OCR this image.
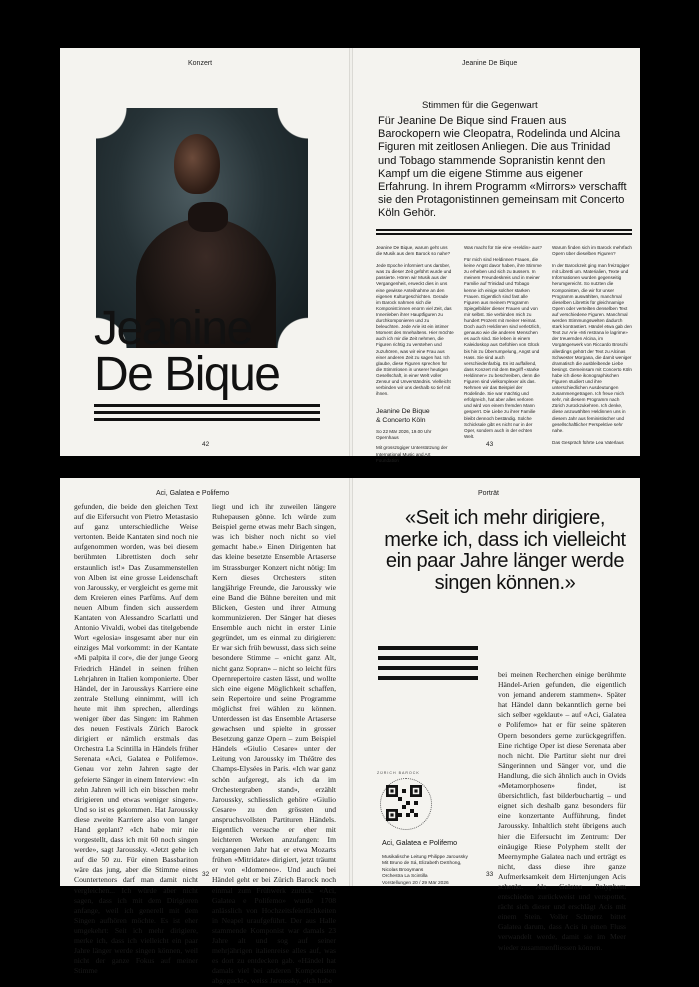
Konzert
Jeanine
De Bique
42
Jeanine De Bique
Stimmen für die Gegenwart
Für Jeanine De Bique sind Frauen aus Barockopern wie Cleopatra, Rodelinda und Alcina Figuren mit zeitlosen Anliegen. Die aus Trinidad und Tobago stammende Sopranistin kennt den Kampf um die eigene Stimme aus eigener Erfahrung. In ihrem Programm «Mirrors» verschafft sie den Protagonistinnen gemeinsam mit Concerto Köln Gehör.
Jeanine De Bique, warum geht uns die Musik aus dem Barock so nahe?
Jede Epoche informiert uns darüber, was zu dieser Zeit geführt wurde und passierte. Hören wir Musik aus der Vergangenheit, erweckt dies in uns eine gewisse Anteilnahme an den eigenen Kulturgeschichten. Gerade im Barock nahmen sich die Komponist:innen enorm viel Zeit, das Innenleben ihrer Hauptfiguren zu durchkomponieren und zu beleuchten. Jede Arie ist ein intimer Moment des Innehaltens. Hier möchte auch ich mir die Zeit nehmen, die Figuren richtig zu verstehen und zuzuhören, was wir eine Frau aus einer anderen Zeit zu sagen hat. Ich glaube, diese Figuren sprechen für die Stimmlosen in unserer heutigen Gesellschaft, in einer Welt voller Zensur und Unverständnis. Vielleicht verbinden wir uns deshalb so tief mit ihnen.
Jeanine De Bique
& Concerto Köln
So 22 Mär 2026, 19.00 Uhr Opernhaus
Mit grosszügiger Unterstützung der International Music and Art Foundation
Was macht für Sie eine «Heldin» aus?
Für mich sind Heldinnen Frauen, die keine Angst davor haben, ihre Stimme zu erheben und sich zu äussern. In meinem Freundeskreis und in meiner Familie auf Trinidad und Tobago kenne ich einige solcher starken Frauen. Eigentlich sind fast alle Figuren aus meinem Programm Spiegelbilder dieser Frauen und von mir selbst. Sie verbinden mich zu hundert Prozent mit meiner Heimat. Doch auch Heldinnen sind verletzlich, genauso wie die anderen Menschen es auch sind. Sie leben in einem Kaleidoskop aus Gefühlen von Glück bis hin zu Überrumpelung, Angst und Hass. Sie sind auch verschiedenfarbig. Es ist auffallend, dass Konzert mit dem Begriff «starke Heldinnen» zu beschreiben, denn die Figuren sind vielkomplexer als das. Nehmen wir das Beispiel der Rodelinde. Sie war mächtig und erfolgreich, hat aber alles verloren und wird von einem fremden Mann gesperrt. Die Liebe zu ihrer Familie bleibt dennoch beständig. Solche Schicksale gibt es nicht nur in der Oper, sondern auch in der echten Welt.
Warum finden sich im Barock mehrfach Opern über dieselben Figuren?
In der Barockzeit ging man freizügiger mit Libretti um. Materialien, Texte und Informationen wurden gegenseitig herumgereicht. So nutzten die Komponisten, die wir für unser Programm auswählten, manchmal dieselben Librettis für gleichnamige Opern oder verteilten denselben Text auf verschiedene Figuren. Manchmal werden Stimmungswelten dadurch stark kontrastiert. Händel etwa gab den Text zur Arie «Mi restrana le lagrime» der treuernden Alcina, im Vorgängerwerk von Riccardo Broschi allerdings gehört der Text zu Alcinas Schwester Morgana, die damit weniger dramatisch die ausbleibende Liebe besingt. Gemeinsam mit Concerto Köln habe ich diese ikonographischen Figuren studiert und ihre unterschiedlichen Ausdeutungen zusammengetragen. Ich freue mich sehr, mit diesem Programm nach Zürich zurückzukehren. Ich denke, diese anzuwählten Heldinnen uns in diesem Jahr aus feministischer und gesellschaftlicher Perspektive sehr nahe.
Das Gespräch führte Lea Vaterlaus
43
Aci, Galatea e Polifemo
gefunden, die beide den gleichen Text auf die Eifersucht von Pietro Metastasio auf ganz unterschiedliche Weise vertonten. Beide Kantaten sind noch nie aufgenommen worden, was bei diesem berühmten Librettisten doch sehr erstaunlich ist!» Das Zusammenstellen von Alben ist eine grosse Leidenschaft von Jaroussky, er vergleicht es gerne mit dem Kreieren eines Parfüms. Auf dem neuen Album finden sich ausserdem Kantaten von Alessandro Scarlatti und Antonio Vivaldi, wobei das titelgebende Wort «gelosia» insgesamt aber nur ein einziges Mal vorkommt: in der Kantate «Mi palpita il cor», die der junge Georg Friedrich Händel in seinen frühen Lehrjahren in Italien komponierte. Über Händel, der in Jarousskys Karriere eine zentrale Stellung einnimmt, will ich heute mit ihm sprechen, allerdings weniger über das Singen: im Rahmen des neuen Festivals Zürich Barock dirigiert er nämlich erstmals das Orchestra La Scintilla in Händels früher Serenata «Aci, Galatea e Polifemo». Genau vor zehn Jahren sagte der gefeierte Sänger in einem Interview: «In zehn Jahren will ich ein bisschen mehr dirigieren und etwas weniger singen». Und so ist es gekommen. Hat Jaroussky diese zweite Karriere also von langer Hand geplant? «Ich habe mir nie vorgestellt, dass ich mit 60 noch singen werde», sagt Jaroussky. «Jetzt gehe ich auf die 50 zu. Für einen Bassbariton wäre das jung, aber die Stimme eines Countertenors darf man damit nicht vergleichen... Ich würde aber nicht sagen, dass ich mit dem Dirigieren anfange, weil ich generell mit dem Singen aufhören möchte. Es ist eher umgekehrt: Seit ich mehr dirigiere, merke ich, dass ich vielleicht ein paar Jahre länger werde singen können, weil nicht der ganze Fokus auf meiner Stimme
liegt und ich ihr zuweilen längere Ruhepausen gönne. Ich würde zum Beispiel gerne etwas mehr Bach singen, was ich bisher noch nicht so viel gemacht habe.» Einen Dirigenten hat das kleine besetzte Ensemble Artaserse im Strassburger Konzert nicht nötig: Im Kern dieses Orchesters stiten langjährige Freunde, die Jaroussky wie eine Band die Bühne bereiten und mit Blicken, Gesten und ihrer Atmung kommunizieren. Der Sänger hat dieses Ensemble auch nicht in erster Linie gegründet, um es einmal zu dirigieren: Er war sich früh bewusst, dass sich seine besondere Stimme – «nicht ganz Alt, nicht ganz Sopran» – nicht so leicht fürs Opernrepertoire casten lässt, und wollte sich eine eigene Möglichkeit schaffen, sein Repertoire und seine Programme möglichst frei wählen zu können. Unterdessen ist das Ensemble Artaserse gewachsen und spielte in grosser Besetzung ganze Opern – zum Beispiel Händels «Giulio Cesare» unter der Leitung von Jaroussky im Théâtre des Champs-Elysées in Paris. «Ich war ganz schön aufgeregt, als ich da im Orchestergraben stand», erzählt Jaroussky, schliesslich gehöre «Giulio Cesare» zu den grössten und anspruchsvollsten Partituren Händels. Eigentlich versuche er eher mit leichteren Werken anzufangen: Im vergangenen Jahr hat er etwa Mozarts frühen «Mitridate» dirigiert, jetzt träumt er von «Idomeneo». Und auch bei Händel geht er bei Zürich Barock noch einmal zum Frühwerk zurück: «Aci, Galatea e Polifemo» wurde 1708 anlässlich von Hochzeitsfeierlichkeiten in Neapel uraufgeführt. Der aus Halle stammende Komponist war damals 23 Jahre alt und sog auf seiner mehrjährigen italienreise alles auf, was es dort zu entdecken gab. «Händel hat damals viel bei anderen Komponisten abgeguckt», weiss Jaroussky, «ich habe
32
Porträt
«Seit ich mehr dirigiere, merke ich, dass ich vielleicht ein paar Jahre länger werde singen können.»
bei meinen Recherchen einige berühmte Händel-Arien gefunden, die eigentlich von jemand anderem stammen». Später hat Händel dann bekanntlich gerne bei sich selber «geklaut» – auf «Aci, Galatea e Polifemo» hat er für seine späteren Opern besonders gerne zurückgegriffen. Eine richtige Oper ist diese Serenata aber noch nicht. Die Partitur sieht nur drei Sängerinnen und Sänger vor, und die Handlung, die sich ähnlich auch in Ovids «Metamorphosen» findet, ist übersichtlich, fast bilderbuchartig – und eignet sich deshalb ganz besonders für eine konzertante Aufführung, findet Jaroussky. Inhaltlich steht übrigens auch hier die Eifersucht im Zentrum: Der einäugige Riese Polyphem stellt der Meernymphe Galatea nach und erträgt es nicht, dass diese ihre ganze Aufmerksamkeit dem Hirtenjungen Acis schenkt. Als Galatea Polyphem entschieden zurückweist und verspottet, rächt sich dieser und erschlägt Acis mit einem Stein. Voller Schmerz bittet Galatea darum, dass Acis in einen Fluss verwandelt werde, damit sie im Meer wieder zusammenfliessen können.
ZÜRICH BAROCK
Aci, Galatea e Polifemo
Musikalische Leitung Philippe Jaroussky
Mit Bruno de Sá, Elizabeth DeShong,
Nicolas Brooymans
Orchestra La Scintilla
Vorstellungen 20 / 29 Mär 2026
33
